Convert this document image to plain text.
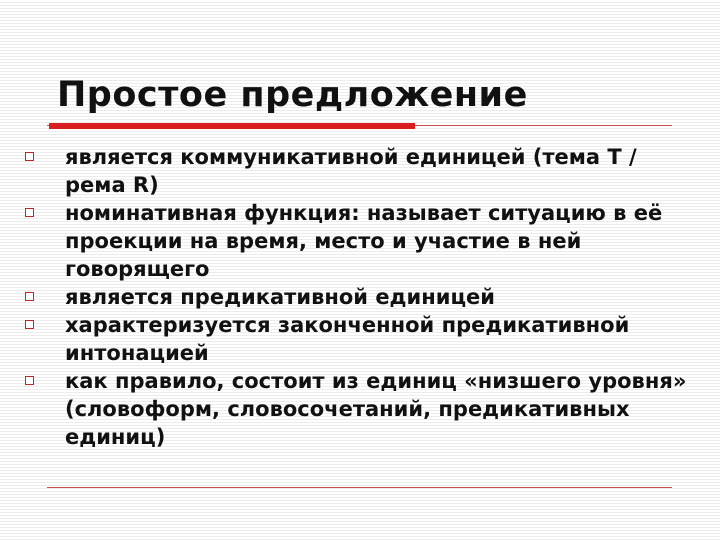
Простое предложение
является коммуникативной единицей (тема Т / рема R)
номинативная функция: называет ситуацию в её проекции на время, место и участие в ней говорящего
является предикативной единицей
характеризуется законченной предикативной интонацией
как правило, состоит из единиц «низшего уровня» (словоформ, словосочетаний, предикативных единиц)
